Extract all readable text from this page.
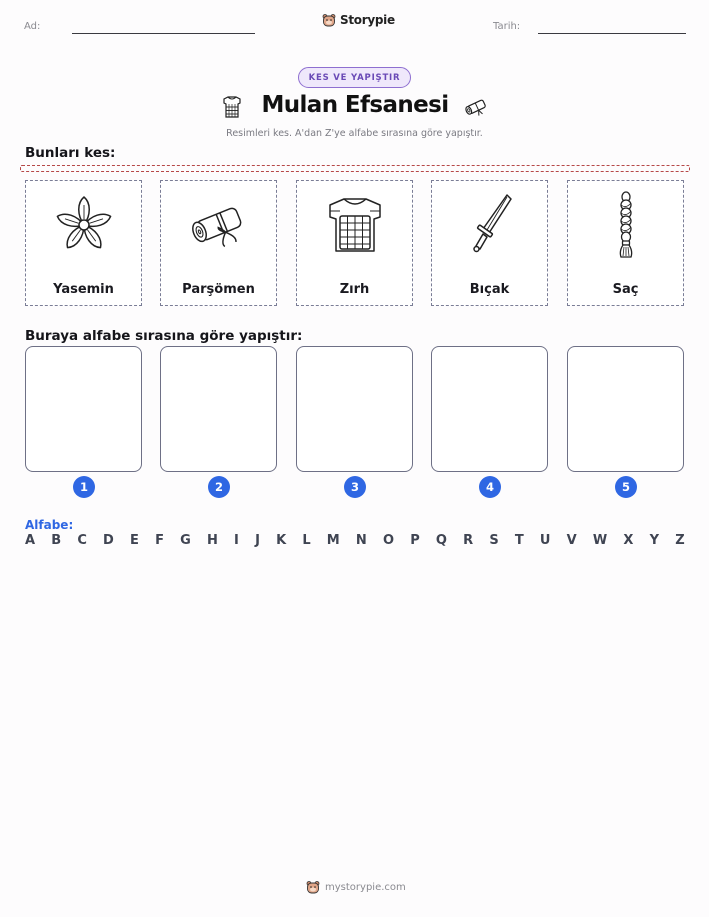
Ad:	Storypie	Tarih:
KES VE YAPIŞTIR
Mulan Efsanesi
Resimleri kes. A'dan Z'ye alfabe sırasına göre yapıştır.
Bunları kes:
Yasemin	Parşömen	Zırh	Bıçak	Saç
Buraya alfabe sırasına göre yapıştır:
1	2	3	4	5
Alfabe:
A B C D E F G H I J K L M N O P Q R S T U V W X Y Z
mystorypie.com
